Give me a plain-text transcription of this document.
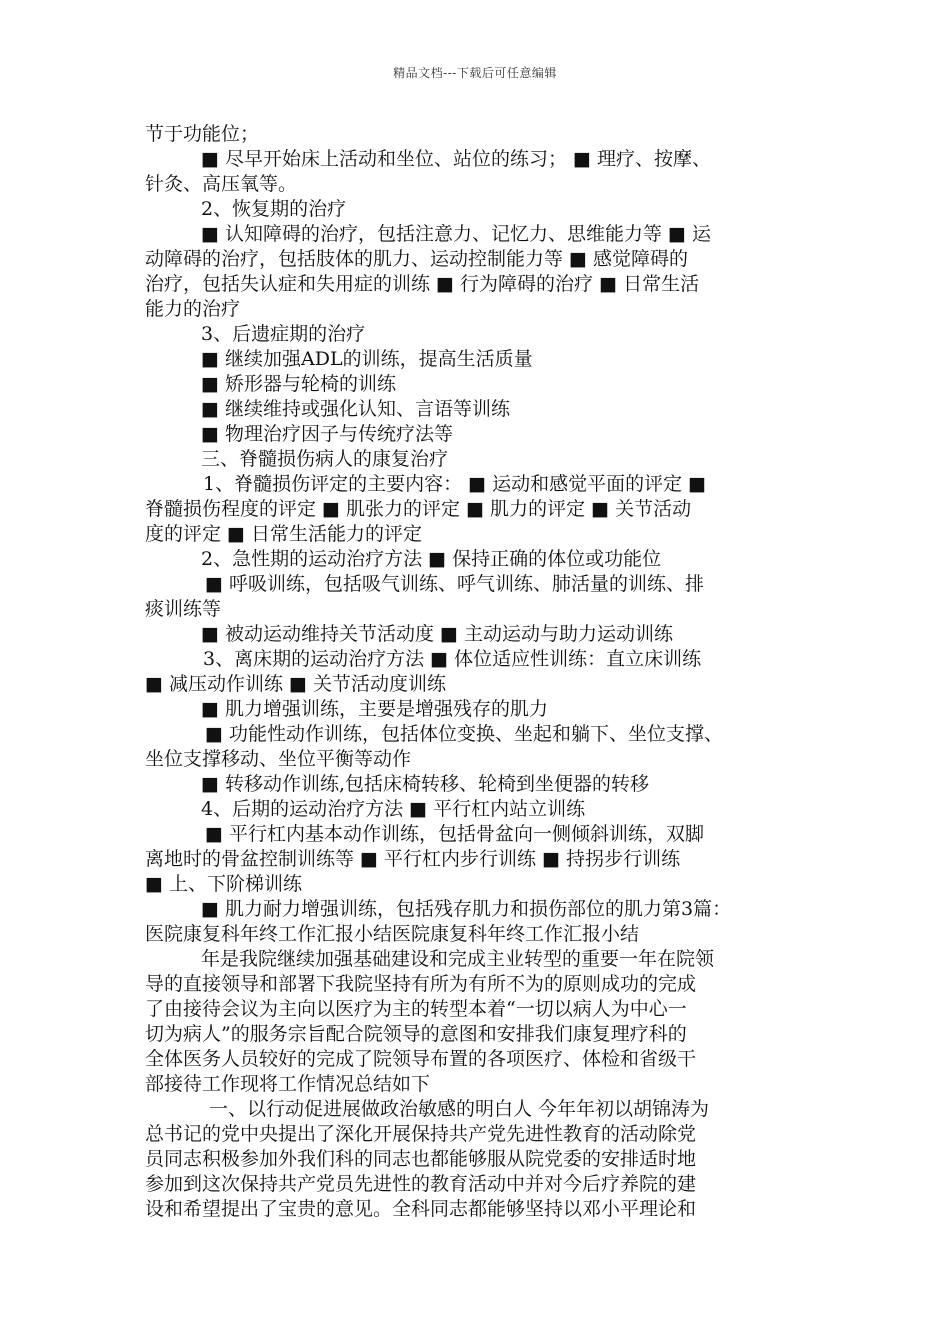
精品文档---下载后可任意编辑
节于功能位；
■ 尽早开始床上活动和坐位、站位的练习； ■ 理疗、按摩、
针灸、高压氧等。
2、恢复期的治疗
■ 认知障碍的治疗，包括注意力、记忆力、思维能力等 ■ 运
动障碍的治疗，包括肢体的肌力、运动控制能力等 ■ 感觉障碍的
治疗，包括失认症和失用症的训练 ■ 行为障碍的治疗 ■ 日常生活
能力的治疗
3、后遗症期的治疗
■ 继续加强ADL的训练，提高生活质量
■ 矫形器与轮椅的训练
■ 继续维持或强化认知、言语等训练
■ 物理治疗因子与传统疗法等
三、脊髓损伤病人的康复治疗
1、脊髓损伤评定的主要内容： ■ 运动和感觉平面的评定 ■
脊髓损伤程度的评定 ■ 肌张力的评定 ■ 肌力的评定 ■ 关节活动
度的评定 ■ 日常生活能力的评定
2、急性期的运动治疗方法 ■ 保持正确的体位或功能位
■ 呼吸训练，包括吸气训练、呼气训练、肺活量的训练、排
痰训练等
■ 被动运动维持关节活动度 ■ 主动运动与助力运动训练
3、离床期的运动治疗方法 ■ 体位适应性训练：直立床训练
■ 减压动作训练 ■ 关节活动度训练
■ 肌力增强训练，主要是增强残存的肌力
■ 功能性动作训练，包括体位变换、坐起和躺下、坐位支撑、
坐位支撑移动、坐位平衡等动作
■ 转移动作训练,包括床椅转移、轮椅到坐便器的转移
4、后期的运动治疗方法 ■ 平行杠内站立训练
■ 平行杠内基本动作训练，包括骨盆向一侧倾斜训练，双脚
离地时的骨盆控制训练等 ■ 平行杠内步行训练 ■ 持拐步行训练
■ 上、下阶梯训练
■ 肌力耐力增强训练，包括残存肌力和损伤部位的肌力第3篇：
医院康复科年终工作汇报小结医院康复科年终工作汇报小结
年是我院继续加强基础建设和完成主业转型的重要一年在院领
导的直接领导和部署下我院坚持有所为有所不为的原则成功的完成
了由接待会议为主向以医疗为主的转型本着“一切以病人为中心一
切为病人”的服务宗旨配合院领导的意图和安排我们康复理疗科的
全体医务人员较好的完成了院领导布置的各项医疗、体检和省级干
部接待工作现将工作情况总结如下
一、以行动促进展做政治敏感的明白人 今年年初以胡锦涛为
总书记的党中央提出了深化开展保持共产党先进性教育的活动除党
员同志积极参加外我们科的同志也都能够服从院党委的安排适时地
参加到这次保持共产党员先进性的教育活动中并对今后疗养院的建
设和希望提出了宝贵的意见。全科同志都能够坚持以邓小平理论和
